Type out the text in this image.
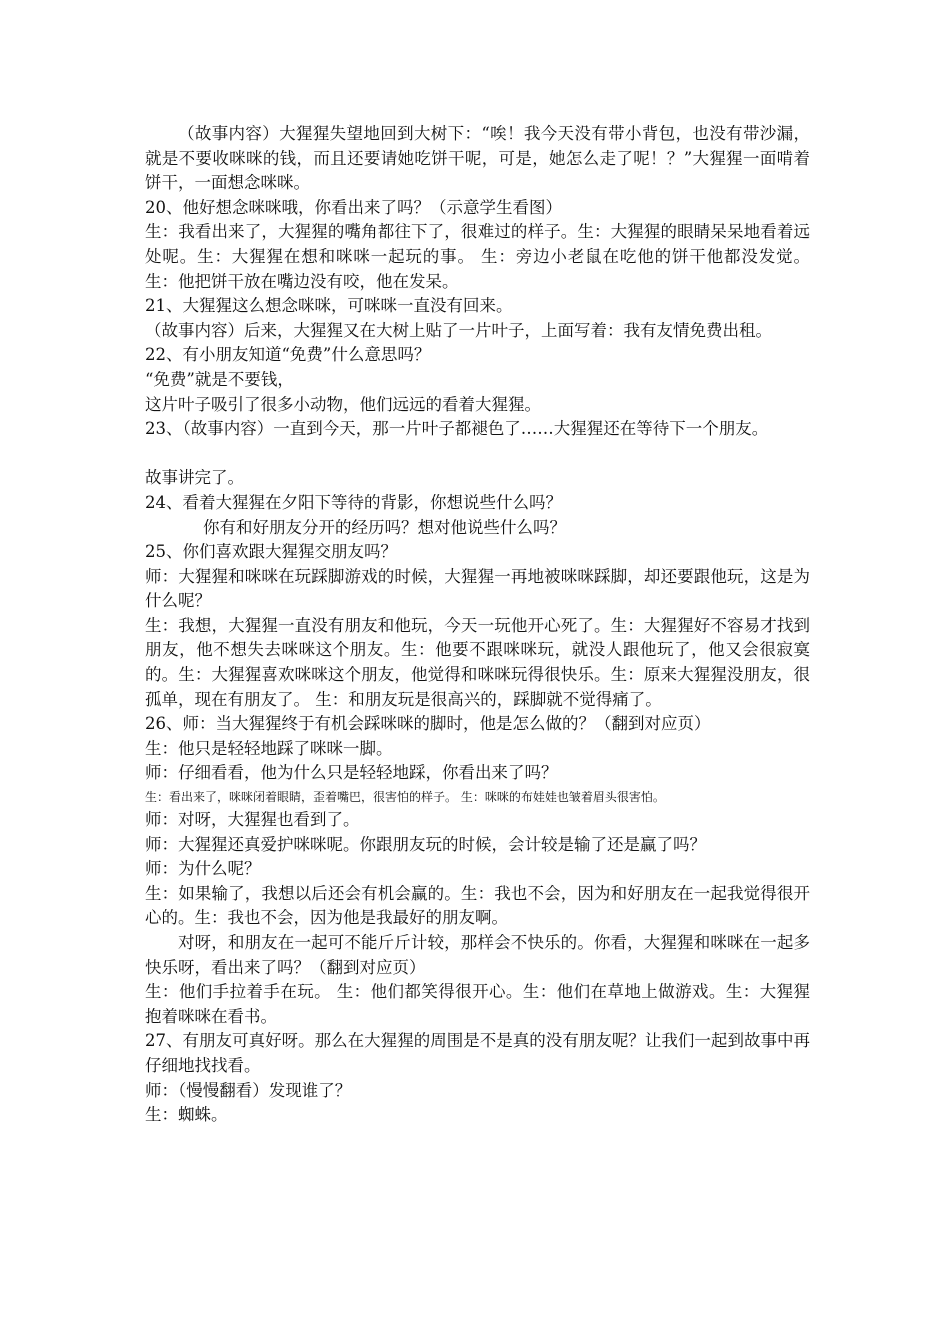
（故事内容）大猩猩失望地回到大树下：“唉！我今天没有带小背包，也没有带沙漏，就是不要收咪咪的钱，而且还要请她吃饼干呢，可是，她怎么走了呢！？”大猩猩一面啃着饼干，一面想念咪咪。

20、他好想念咪咪哦，你看出来了吗？（示意学生看图）

生：我看出来了，大猩猩的嘴角都往下了，很难过的样子。生：大猩猩的眼睛呆呆地看着远处呢。生：大猩猩在想和咪咪一起玩的事。 生：旁边小老鼠在吃他的饼干他都没发觉。生：他把饼干放在嘴边没有咬，他在发呆。

21、大猩猩这么想念咪咪，可咪咪一直没有回来。

（故事内容）后来，大猩猩又在大树上贴了一片叶子，上面写着：我有友情免费出租。

22、有小朋友知道“免费”什么意思吗？

“免费”就是不要钱，

这片叶子吸引了很多小动物，他们远远的看着大猩猩。

23、（故事内容）一直到今天，那一片叶子都褪色了……大猩猩还在等待下一个朋友。

故事讲完了。

24、看着大猩猩在夕阳下等待的背影，你想说些什么吗？

你有和好朋友分开的经历吗？想对他说些什么吗？

25、你们喜欢跟大猩猩交朋友吗？

师：大猩猩和咪咪在玩踩脚游戏的时候，大猩猩一再地被咪咪踩脚，却还要跟他玩，这是为什么呢？

生：我想，大猩猩一直没有朋友和他玩，今天一玩他开心死了。生：大猩猩好不容易才找到朋友，他不想失去咪咪这个朋友。生：他要不跟咪咪玩，就没人跟他玩了，他又会很寂寞的。生：大猩猩喜欢咪咪这个朋友，他觉得和咪咪玩得很快乐。生：原来大猩猩没朋友，很孤单，现在有朋友了。 生：和朋友玩是很高兴的，踩脚就不觉得痛了。

26、师：当大猩猩终于有机会踩咪咪的脚时，他是怎么做的？（翻到对应页）

生：他只是轻轻地踩了咪咪一脚。

师：仔细看看，他为什么只是轻轻地踩，你看出来了吗？

生：看出来了，咪咪闭着眼睛，歪着嘴巴，很害怕的样子。 生：咪咪的布娃娃也皱着眉头很害怕。

师：对呀，大猩猩也看到了。

师：大猩猩还真爱护咪咪呢。你跟朋友玩的时候，会计较是输了还是赢了吗？

师：为什么呢？

生：如果输了，我想以后还会有机会赢的。生：我也不会，因为和好朋友在一起我觉得很开心的。生：我也不会，因为他是我最好的朋友啊。

对呀，和朋友在一起可不能斤斤计较，那样会不快乐的。你看，大猩猩和咪咪在一起多快乐呀，看出来了吗？（翻到对应页）

生：他们手拉着手在玩。 生：他们都笑得很开心。生：他们在草地上做游戏。生：大猩猩抱着咪咪在看书。

27、有朋友可真好呀。那么在大猩猩的周围是不是真的没有朋友呢？让我们一起到故事中再仔细地找找看。

师：（慢慢翻看）发现谁了？

生：蜘蛛。
